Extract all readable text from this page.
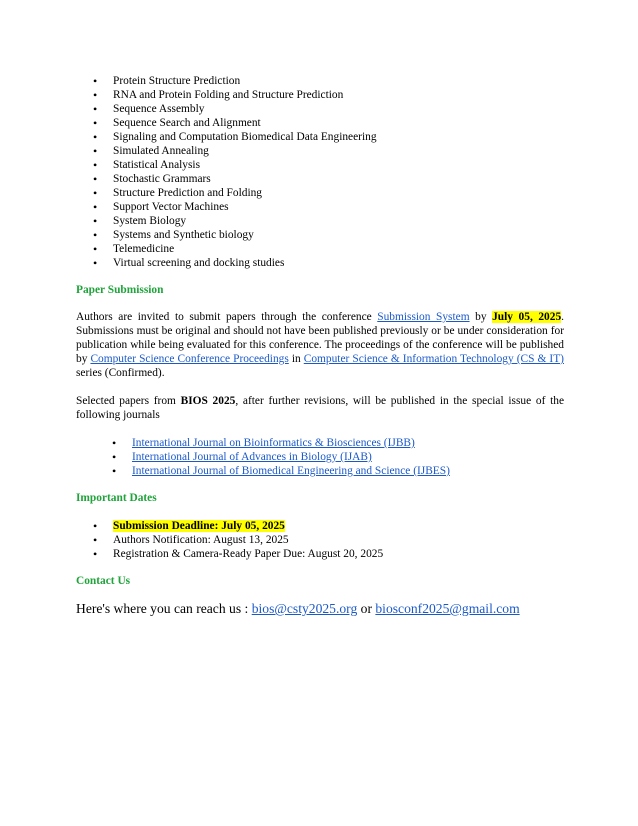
• Protein Structure Prediction
• RNA and Protein Folding and Structure Prediction
• Sequence Assembly
• Sequence Search and Alignment
• Signaling and Computation Biomedical Data Engineering
• Simulated Annealing
• Statistical Analysis
• Stochastic Grammars
• Structure Prediction and Folding
• Support Vector Machines
• System Biology
• Systems and Synthetic biology
• Telemedicine
• Virtual screening and docking studies
Paper Submission

Authors are invited to submit papers through the conference Submission System by July 05, 2025. Submissions must be original and should not have been published previously or be under consideration for publication while being evaluated for this conference. The proceedings of the conference will be published by Computer Science Conference Proceedings in Computer Science & Information Technology (CS & IT) series (Confirmed).

Selected papers from BIOS 2025, after further revisions, will be published in the special issue of the following journals

• International Journal on Bioinformatics & Biosciences (IJBB)
• International Journal of Advances in Biology (IJAB)
• International Journal of Biomedical Engineering and Science (IJBES)
Important Dates
• Submission Deadline: July 05, 2025
• Authors Notification: August 13, 2025
• Registration & Camera-Ready Paper Due: August 20, 2025
Contact Us

Here's where you can reach us : bios@csty2025.org or biosconf2025@gmail.com
